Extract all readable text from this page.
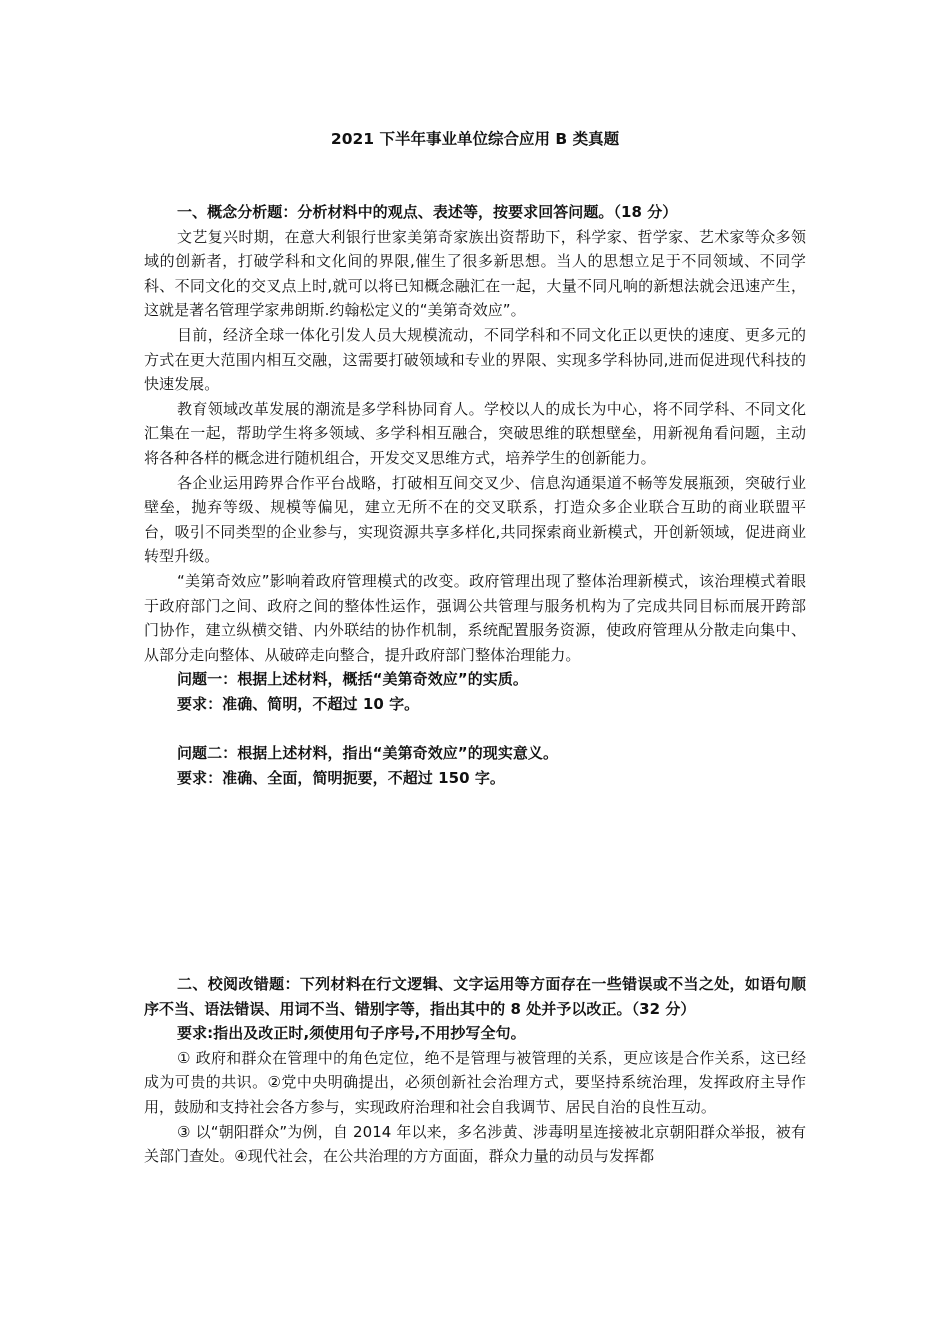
2021 下半年事业单位综合应用 B 类真题

一、概念分析题：分析材料中的观点、表述等，按要求回答问题。（18 分）

文艺复兴时期，在意大利银行世家美第奇家族出资帮助下，科学家、哲学家、艺术家等众多领域的创新者，打破学科和文化间的界限,催生了很多新思想。当人的思想立足于不同领域、不同学科、不同文化的交叉点上时,就可以将已知概念融汇在一起，大量不同凡响的新想法就会迅速产生，这就是著名管理学家弗朗斯.约翰松定义的“美第奇效应”。

目前，经济全球一体化引发人员大规模流动，不同学科和不同文化正以更快的速度、更多元的方式在更大范围内相互交融，这需要打破领域和专业的界限、实现多学科协同,进而促进现代科技的快速发展。

教育领域改革发展的潮流是多学科协同育人。学校以人的成长为中心，将不同学科、不同文化汇集在一起，帮助学生将多领域、多学科相互融合，突破思维的联想壁垒，用新视角看问题，主动将各种各样的概念进行随机组合，开发交叉思维方式，培养学生的创新能力。

各企业运用跨界合作平台战略，打破相互间交叉少、信息沟通渠道不畅等发展瓶颈，突破行业壁垒，抛弃等级、规模等偏见，建立无所不在的交叉联系，打造众多企业联合互助的商业联盟平台，吸引不同类型的企业参与，实现资源共享多样化,共同探索商业新模式，开创新领域，促进商业转型升级。

“美第奇效应”影响着政府管理模式的改变。政府管理出现了整体治理新模式，该治理模式着眼于政府部门之间、政府之间的整体性运作，强调公共管理与服务机构为了完成共同目标而展开跨部门协作，建立纵横交错、内外联结的协作机制，系统配置服务资源，使政府管理从分散走向集中、从部分走向整体、从破碎走向整合，提升政府部门整体治理能力。

问题一：根据上述材料，概括“美第奇效应”的实质。

要求：准确、简明，不超过 10 字。

问题二：根据上述材料，指出“美第奇效应”的现实意义。

要求：准确、全面，简明扼要，不超过 150 字。

二、校阅改错题：下列材料在行文逻辑、文字运用等方面存在一些错误或不当之处，如语句顺序不当、语法错误、用词不当、错别字等，指出其中的 8 处并予以改正。（32 分）

要求:指出及改正时,须使用句子序号,不用抄写全句。

① 政府和群众在管理中的角色定位，绝不是管理与被管理的关系，更应该是合作关系，这已经成为可贵的共识。②党中央明确提出，必须创新社会治理方式，要坚持系统治理，发挥政府主导作用，鼓励和支持社会各方参与，实现政府治理和社会自我调节、居民自治的良性互动。

③ 以“朝阳群众”为例，自 2014 年以来，多名涉黄、涉毒明星连接被北京朝阳群众举报，被有关部门查处。④现代社会，在公共治理的方方面面，群众力量的动员与发挥都
